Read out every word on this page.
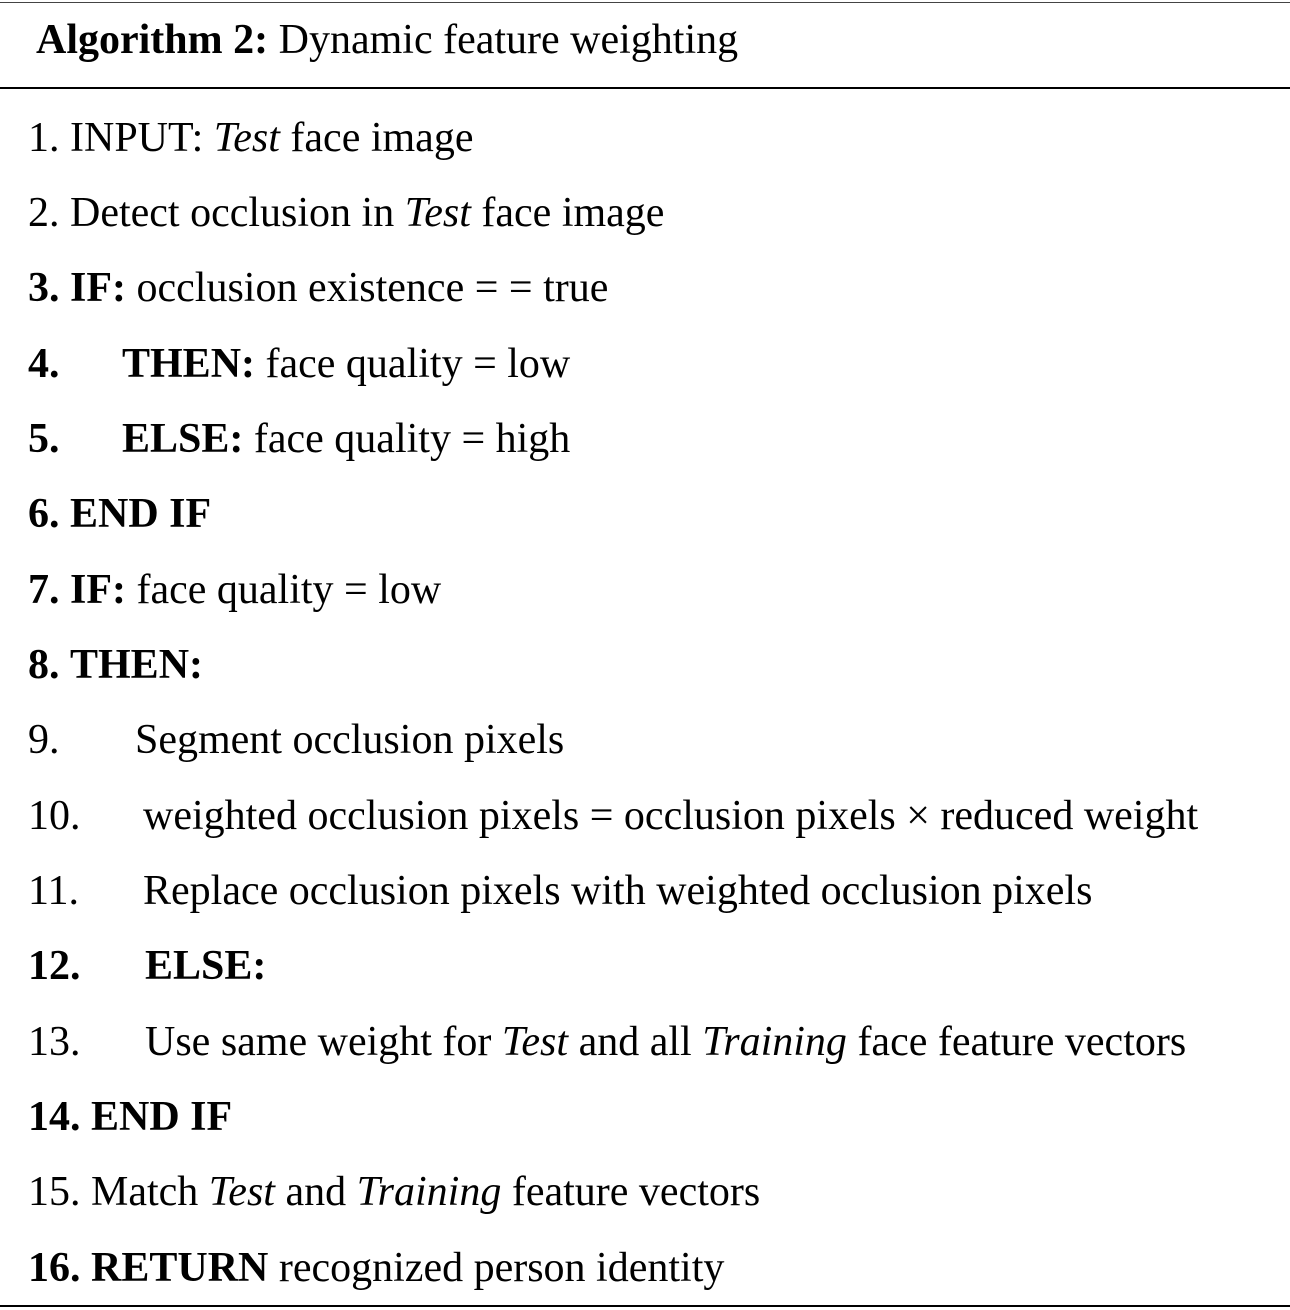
Algorithm 2: Dynamic feature weighting
1. INPUT: Test face image
2. Detect occlusion in Test face image
3. IF: occlusion existence = = true
4. THEN: face quality = low
5. ELSE: face quality = high
6. END IF
7. IF: face quality = low
8. THEN:
9. Segment occlusion pixels
10. weighted occlusion pixels = occlusion pixels × reduced weight
11. Replace occlusion pixels with weighted occlusion pixels
12. ELSE:
13. Use same weight for Test and all Training face feature vectors
14. END IF
15. Match Test and Training feature vectors
16. RETURN recognized person identity
